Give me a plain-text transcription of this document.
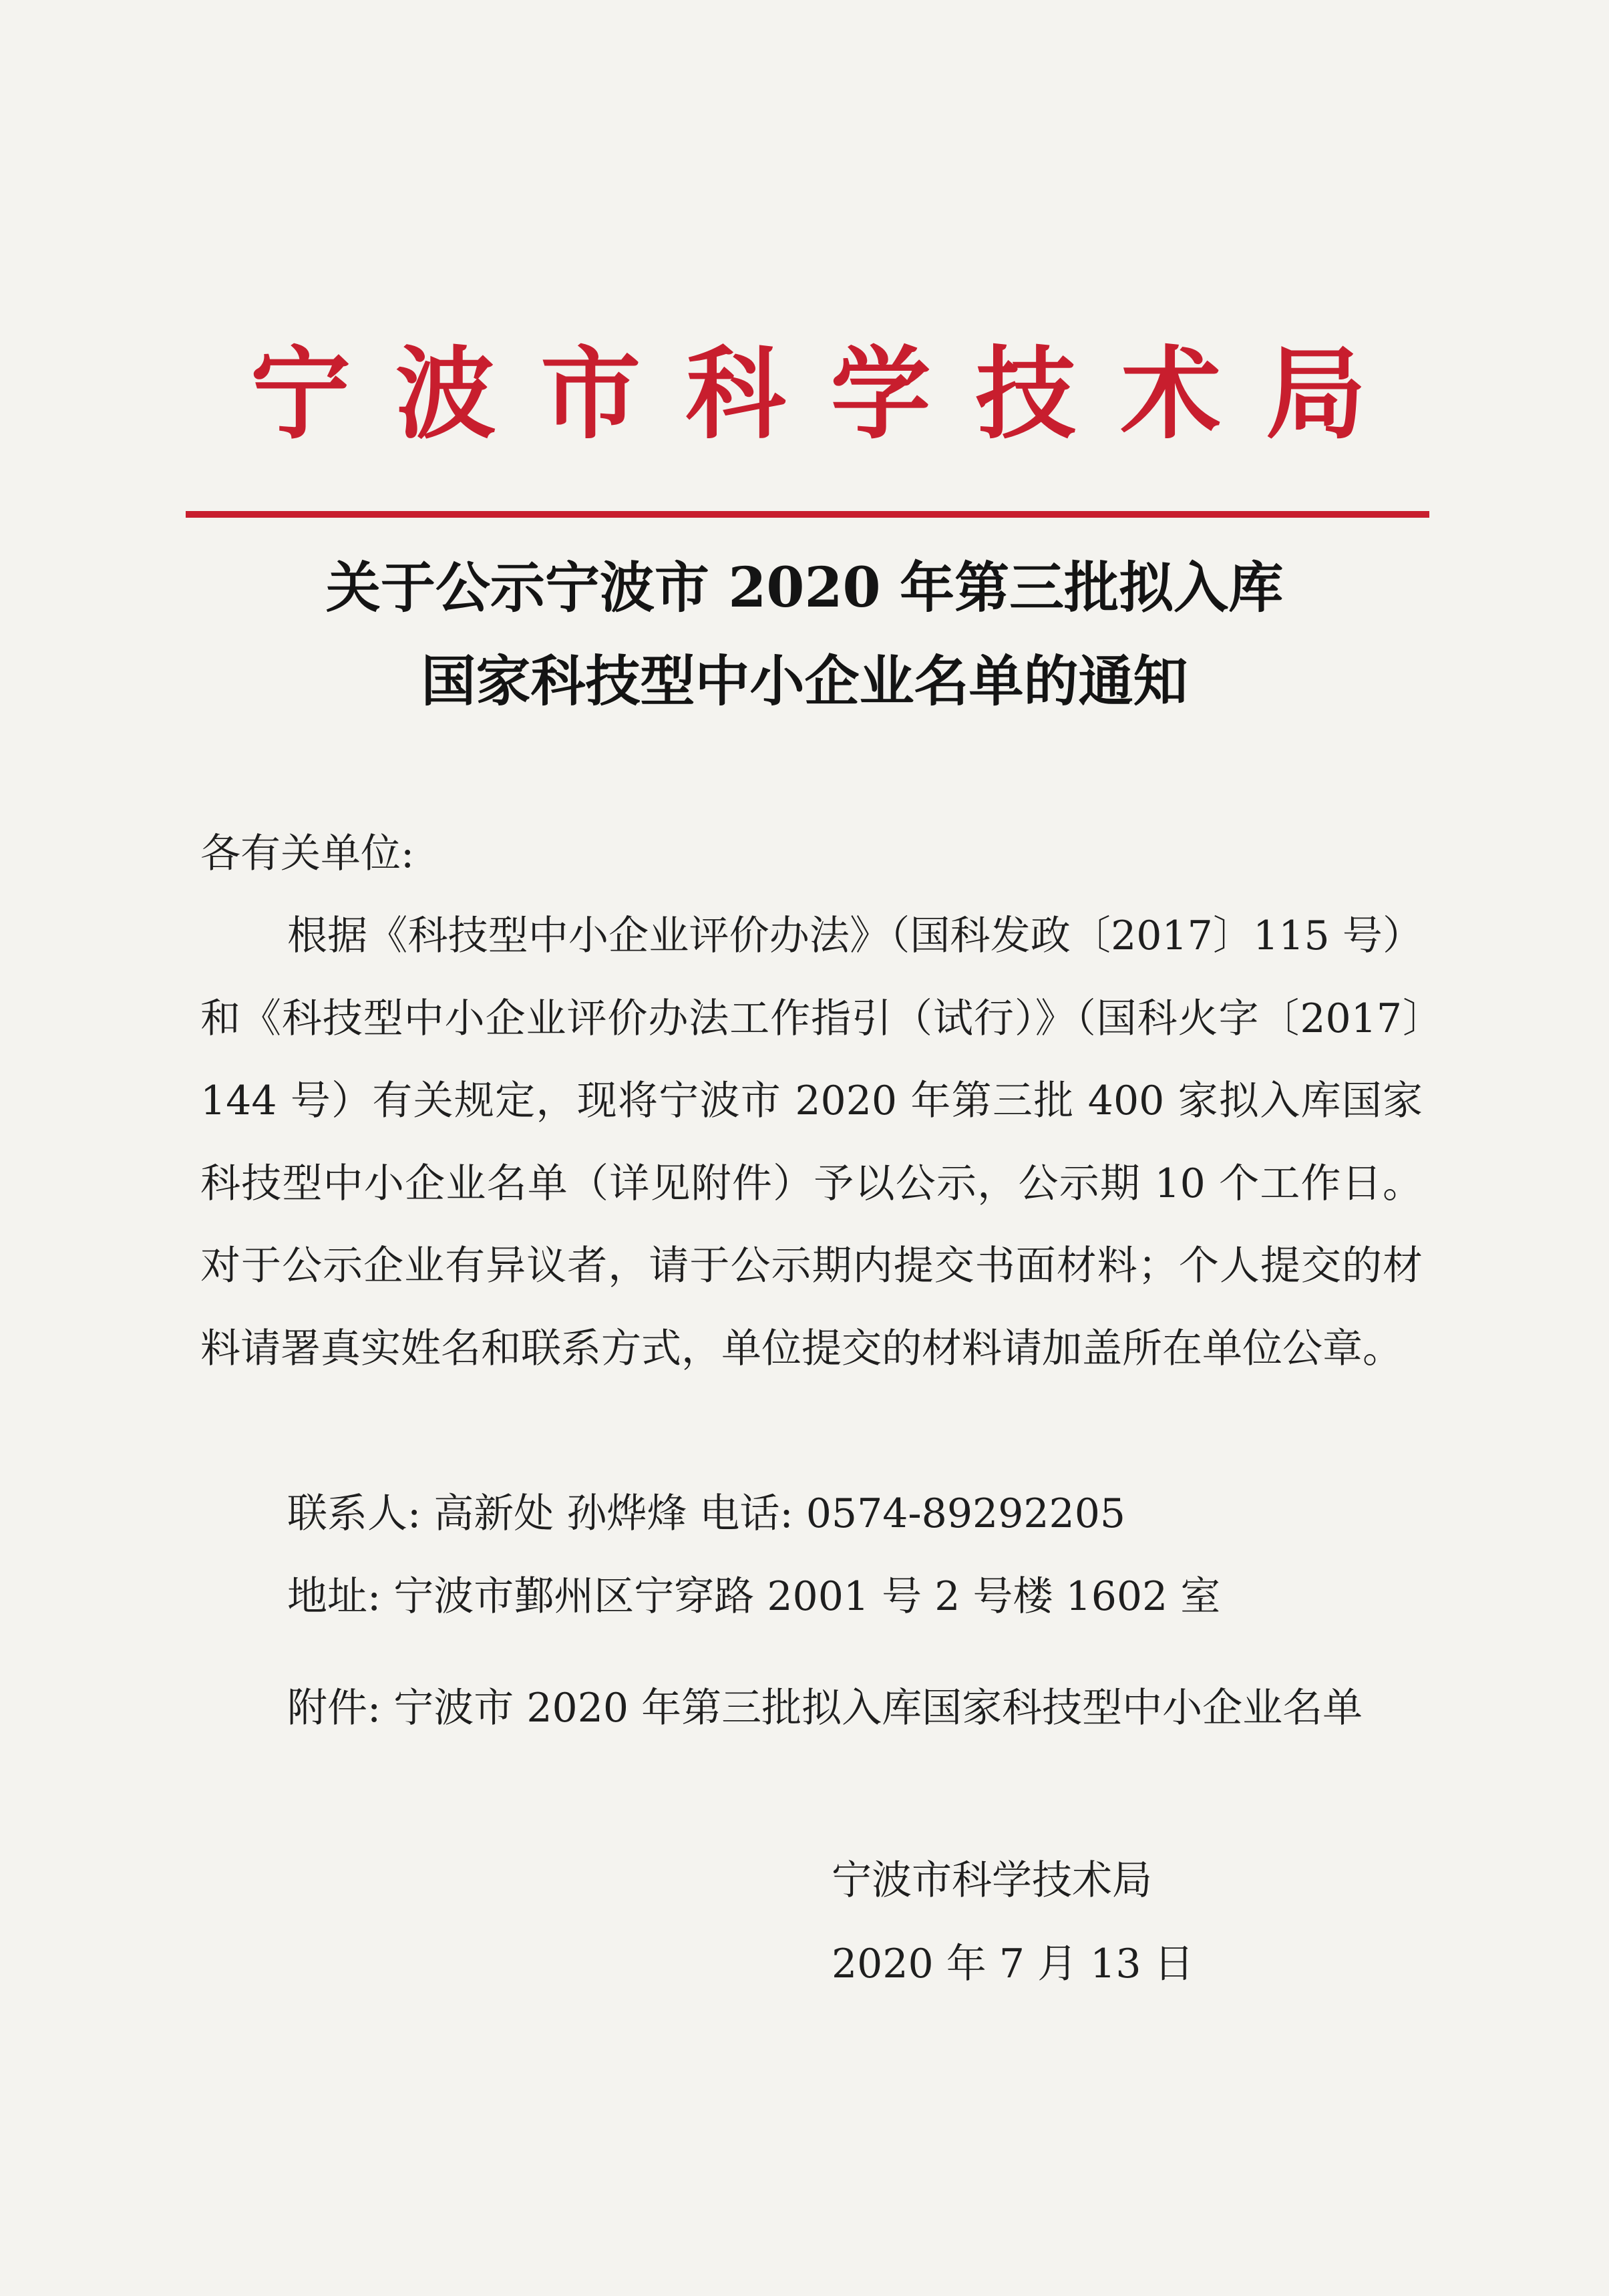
宁 波 市 科 学 技 术 局
关于公示宁波市 2020 年第三批拟入库
国家科技型中小企业名单的通知
各有关单位:
根据《科技型中小企业评价办法》（国科发政〔2017〕115 号）和《科技型中小企业评价办法工作指引（试行）》（国科火字〔2017〕144 号）有关规定，现将宁波市 2020 年第三批 400 家拟入库国家科技型中小企业名单（详见附件）予以公示，公示期 10 个工作日。对于公示企业有异议者，请于公示期内提交书面材料；个人提交的材料请署真实姓名和联系方式，单位提交的材料请加盖所在单位公章。
联系人: 高新处 孙烨烽 电话: 0574-89292205
地址: 宁波市鄞州区宁穿路 2001 号 2 号楼 1602 室
附件: 宁波市 2020 年第三批拟入库国家科技型中小企业名单
宁波市科学技术局
2020 年 7 月 13 日
